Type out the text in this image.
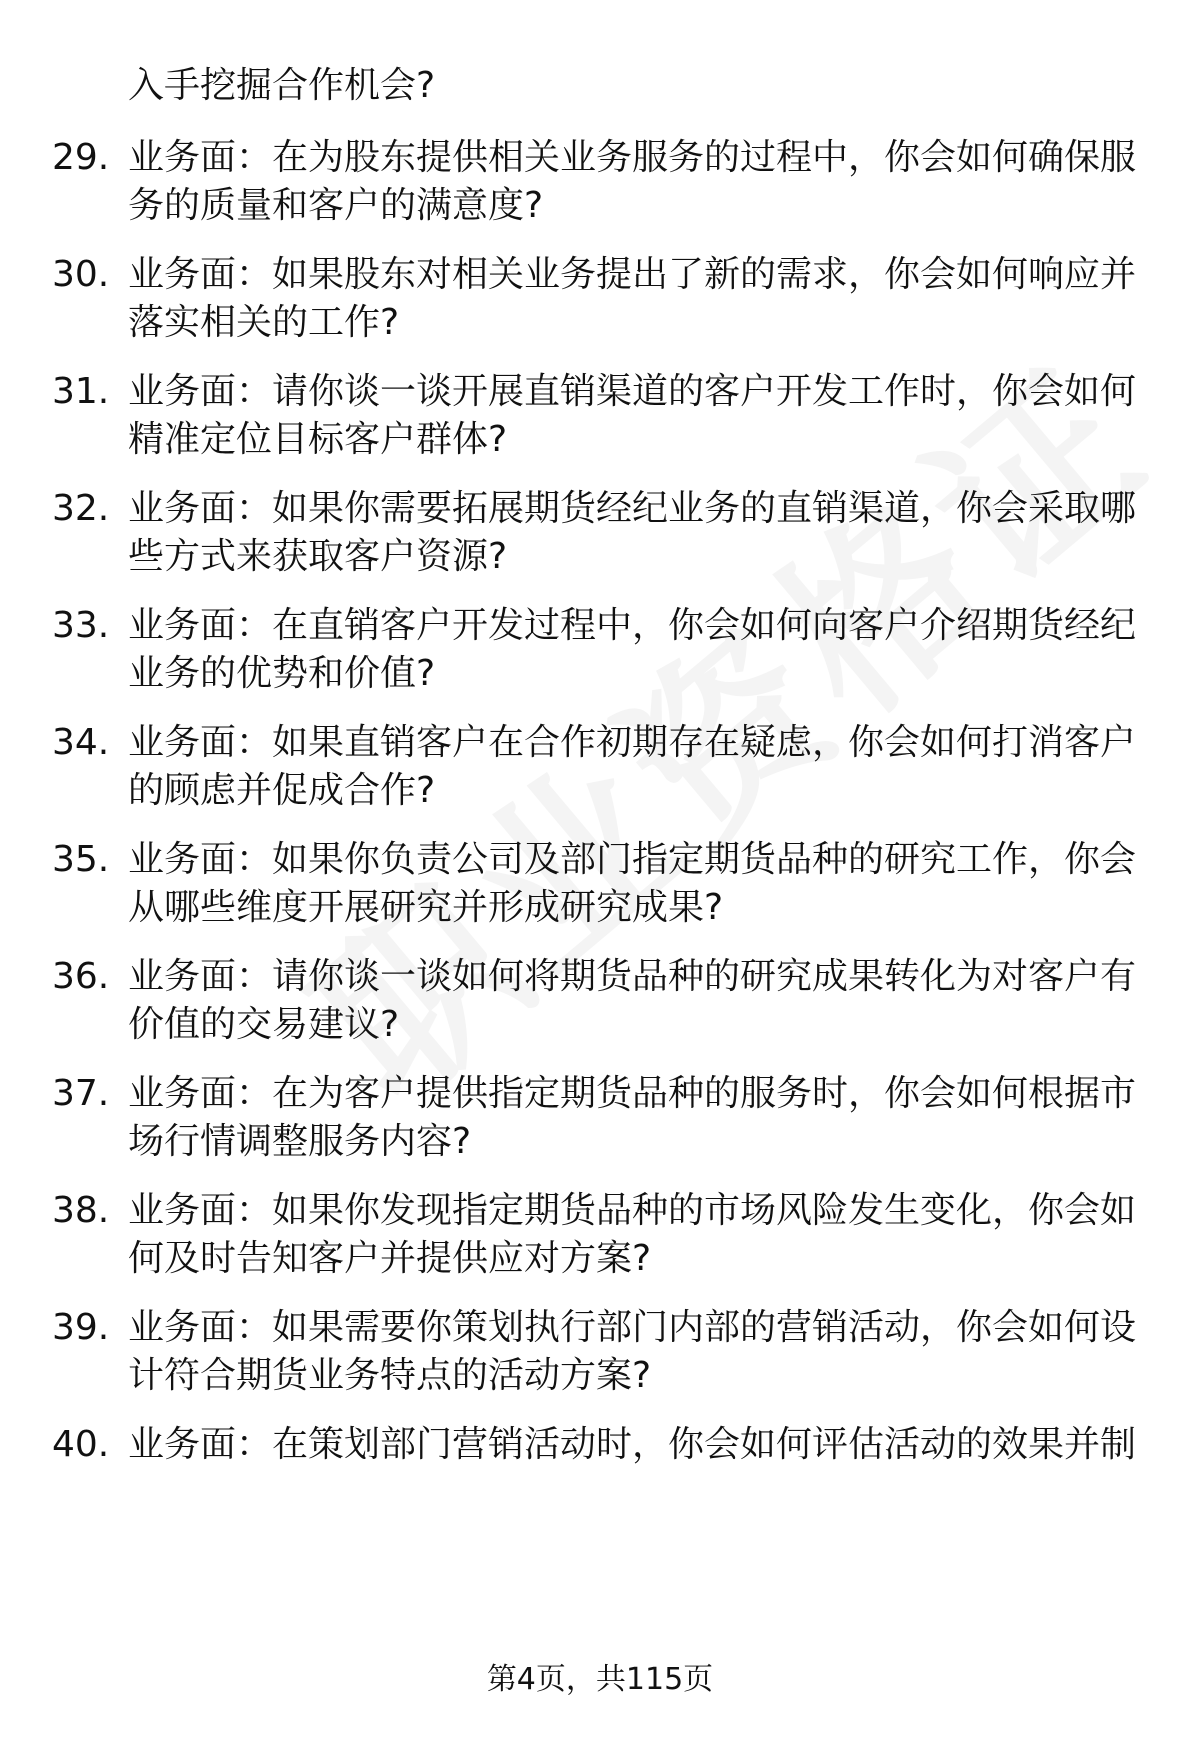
入手挖掘合作机会?
29. 业务面：在为股东提供相关业务服务的过程中，你会如何确保服
务的质量和客户的满意度?
30. 业务面：如果股东对相关业务提出了新的需求，你会如何响应并
落实相关的工作?
31. 业务面：请你谈一谈开展直销渠道的客户开发工作时，你会如何
精准定位目标客户群体?
32. 业务面：如果你需要拓展期货经纪业务的直销渠道，你会采取哪
些方式来获取客户资源?
33. 业务面：在直销客户开发过程中，你会如何向客户介绍期货经纪
业务的优势和价值?
34. 业务面：如果直销客户在合作初期存在疑虑，你会如何打消客户
的顾虑并促成合作?
35. 业务面：如果你负责公司及部门指定期货品种的研究工作，你会
从哪些维度开展研究并形成研究成果?
36. 业务面：请你谈一谈如何将期货品种的研究成果转化为对客户有
价值的交易建议?
37. 业务面：在为客户提供指定期货品种的服务时，你会如何根据市
场行情调整服务内容?
38. 业务面：如果你发现指定期货品种的市场风险发生变化，你会如
何及时告知客户并提供应对方案?
39. 业务面：如果需要你策划执行部门内部的营销活动，你会如何设
计符合期货业务特点的活动方案?
40. 业务面：在策划部门营销活动时，你会如何评估活动的效果并制
第4页，共115页
